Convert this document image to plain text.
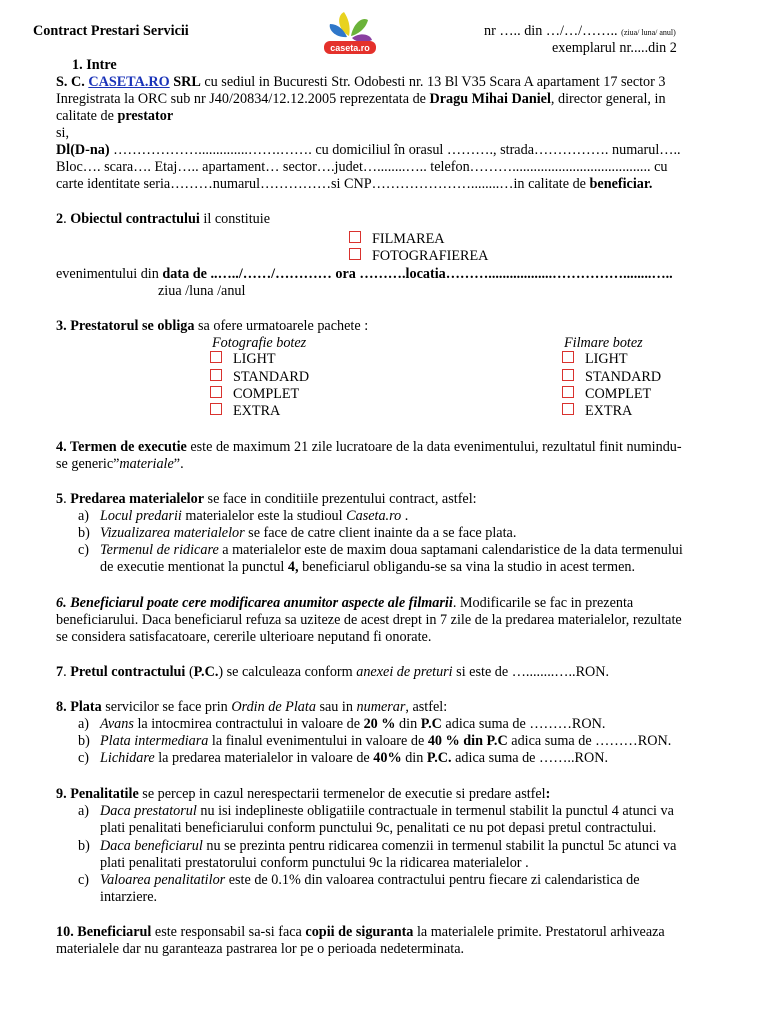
Contract Prestari Servicii
caseta.ro
nr ….. din …/…/…….. (ziua/ luna/ anul)
exemplarul nr.....din 2
1. Intre
S. C. CASETA.RO SRL cu sediul in Bucuresti Str. Odobesti nr. 13 Bl V35 Scara A apartament 17 sector 3
Inregistrata la ORC sub nr J40/20834/12.12.2005 reprezentata de Dragu Mihai Daniel, director general, in
calitate de prestator
si,
Dl(D-na) ………………..............…….……. cu domiciliul în orasul ………., strada……………. numarul…..
Bloc…. scara…. Etaj….. apartament… sector….judet…........….. telefon………....................................... cu
carte identitate seria………numarul……………si CNP…………………........…in calitate de beneficiar.
2. Obiectul contractului il constituie
FILMAREA
FOTOGRAFIEREA
evenimentului din data de ..…../……/………… ora ……….locatia………..................……………........…..
ziua /luna /anul
3. Prestatorul se obliga sa ofere urmatoarele pachete :
Fotografie botez	Filmare botez
LIGHT
STANDARD
COMPLET
EXTRA
LIGHT
STANDARD
COMPLET
EXTRA
4. Termen de executie este de maximum 21 zile lucratoare de la data evenimentului, rezultatul finit numindu-
se generic”materiale”.
5. Predarea materialelor se face in conditiile prezentului contract, astfel:
a) Locul predarii materialelor este la studioul Caseta.ro .
b) Vizualizarea materialelor se face de catre client inainte da a se face plata.
c) Termenul de ridicare a materialelor este de maxim doua saptamani calendaristice de la data termenului
de executie mentionat la punctul 4, beneficiarul obligandu-se sa vina la studio in acest termen.
6. Beneficiarul poate cere modificarea anumitor aspecte ale filmarii. Modificarile se fac in prezenta
beneficiarului. Daca beneficiarul refuza sa uziteze de acest drept in 7 zile de la predarea materialelor, rezultate
se considera satisfacatoare, cererile ulterioare neputand fi onorate.
7. Pretul contractului (P.C.) se calculeaza conform anexei de preturi si este de …........…..RON.
8. Plata servicilor se face prin Ordin de Plata sau in numerar, astfel:
a) Avans la intocmirea contractului in valoare de 20 % din P.C adica suma de ………RON.
b) Plata intermediara la finalul evenimentului in valoare de 40 % din P.C adica suma de ………RON.
c) Lichidare la predarea materialelor in valoare de 40% din P.C. adica suma de ……..RON.
9. Penalitatile se percep in cazul nerespectarii termenelor de executie si predare astfel:
a) Daca prestatorul nu isi indeplineste obligatiile contractuale in termenul stabilit la punctul 4 atunci va
plati penalitati beneficiarului conform punctului 9c, penalitati ce nu pot depasi pretul contractului.
b) Daca beneficiarul nu se prezinta pentru ridicarea comenzii in termenul stabilit la punctul 5c atunci va
plati penalitati prestatorului conform punctului 9c la ridicarea materialelor .
c) Valoarea penalitatilor este de 0.1% din valoarea contractului pentru fiecare zi calendaristica de
intarziere.
10. Beneficiarul este responsabil sa-si faca copii de siguranta la materialele primite. Prestatorul arhiveaza
materialele dar nu garanteaza pastrarea lor pe o perioada nedeterminata.
